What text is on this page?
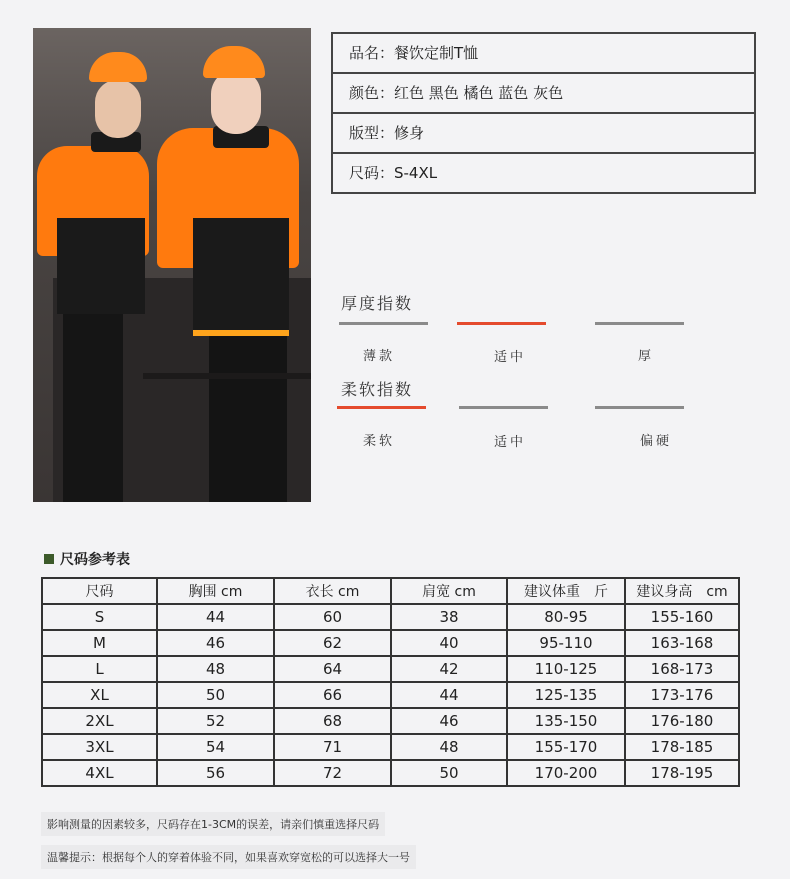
品名：餐饮定制T恤
颜色：红色 黑色 橘色 蓝色 灰色
版型：修身
尺码：S-4XL
厚度指数
薄款	适中	厚
柔软指数
柔软	适中	偏硬
尺码参考表
尺码	胸围 cm	衣长 cm	肩宽 cm	建议体重　斤	建议身高　cm
S	44	60	38	80-95	155-160
M	46	62	40	95-110	163-168
L	48	64	42	110-125	168-173
XL	50	66	44	125-135	173-176
2XL	52	68	46	135-150	176-180
3XL	54	71	48	155-170	178-185
4XL	56	72	50	170-200	178-195
影响测量的因素较多，尺码存在1-3CM的误差，请亲们慎重选择尺码
温馨提示：根据每个人的穿着体验不同，如果喜欢穿宽松的可以选择大一号
